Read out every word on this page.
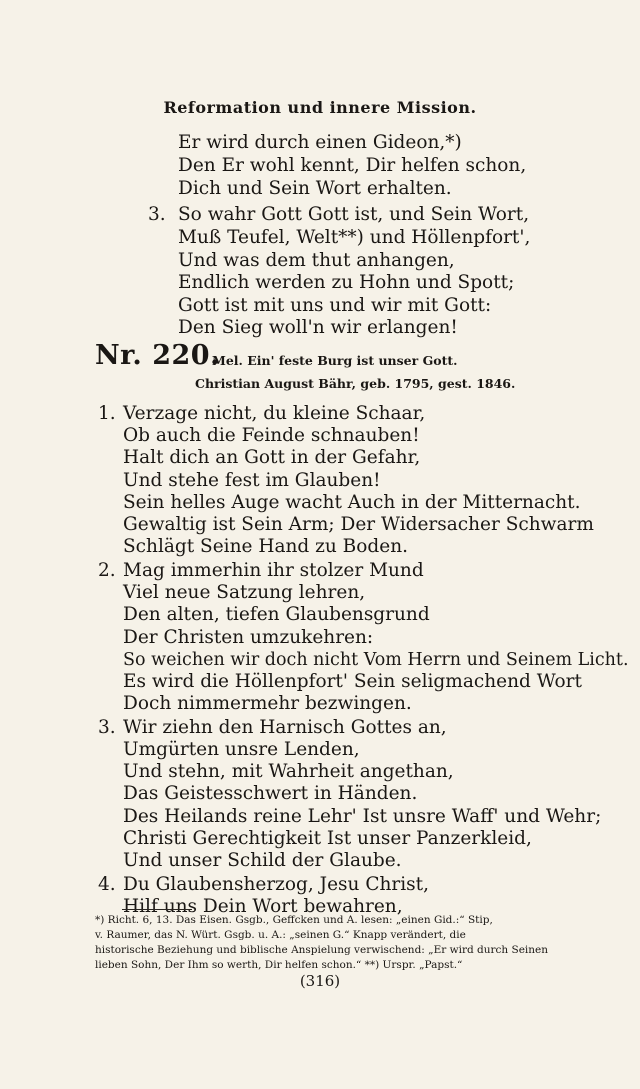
Reformation und innere Mission.
Er wird durch einen Gideon,*)
Den Er wohl kennt, Dir helfen schon,
Dich und Sein Wort erhalten.
3. So wahr Gott Gott ist, und Sein Wort,
Muß Teufel, Welt**) und Höllenpfort',
Und was dem thut anhangen,
Endlich werden zu Hohn und Spott;
Gott ist mit uns und wir mit Gott:
Den Sieg woll'n wir erlangen!
Nr. 220.
Mel. Ein' feste Burg ist unser Gott.
Christian August Bähr, geb. 1795, gest. 1846.
1. Verzage nicht, du kleine Schaar,
Ob auch die Feinde schnauben!
Halt dich an Gott in der Gefahr,
Und stehe fest im Glauben!
Sein helles Auge wacht Auch in der Mitternacht.
Gewaltig ist Sein Arm; Der Widersacher Schwarm
Schlägt Seine Hand zu Boden.
2. Mag immerhin ihr stolzer Mund
Viel neue Satzung lehren,
Den alten, tiefen Glaubensgrund
Der Christen umzukehren:
So weichen wir doch nicht Vom Herrn und Seinem Licht.
Es wird die Höllenpfort' Sein seligmachend Wort
Doch nimmermehr bezwingen.
3. Wir ziehn den Harnisch Gottes an,
Umgürten unsre Lenden,
Und stehn, mit Wahrheit angethan,
Das Geistesschwert in Händen.
Des Heilands reine Lehr' Ist unsre Waff' und Wehr;
Christi Gerechtigkeit Ist unser Panzerkleid,
Und unser Schild der Glaube.
4. Du Glaubensherzog, Jesu Christ,
Hilf uns Dein Wort bewahren,
*) Richt. 6, 13. Das Eisen. Gsgb., Geffcken und A. lesen: „einen Gid.:“ Stip,
v. Raumer, das N. Würt. Gsgb. u. A.: „seinen G.“ Knapp verändert, die
historische Beziehung und biblische Anspielung verwischend: „Er wird durch Seinen
lieben Sohn, Der Ihm so werth, Dir helfen schon.“ **) Urspr. „Papst.“
(316)
